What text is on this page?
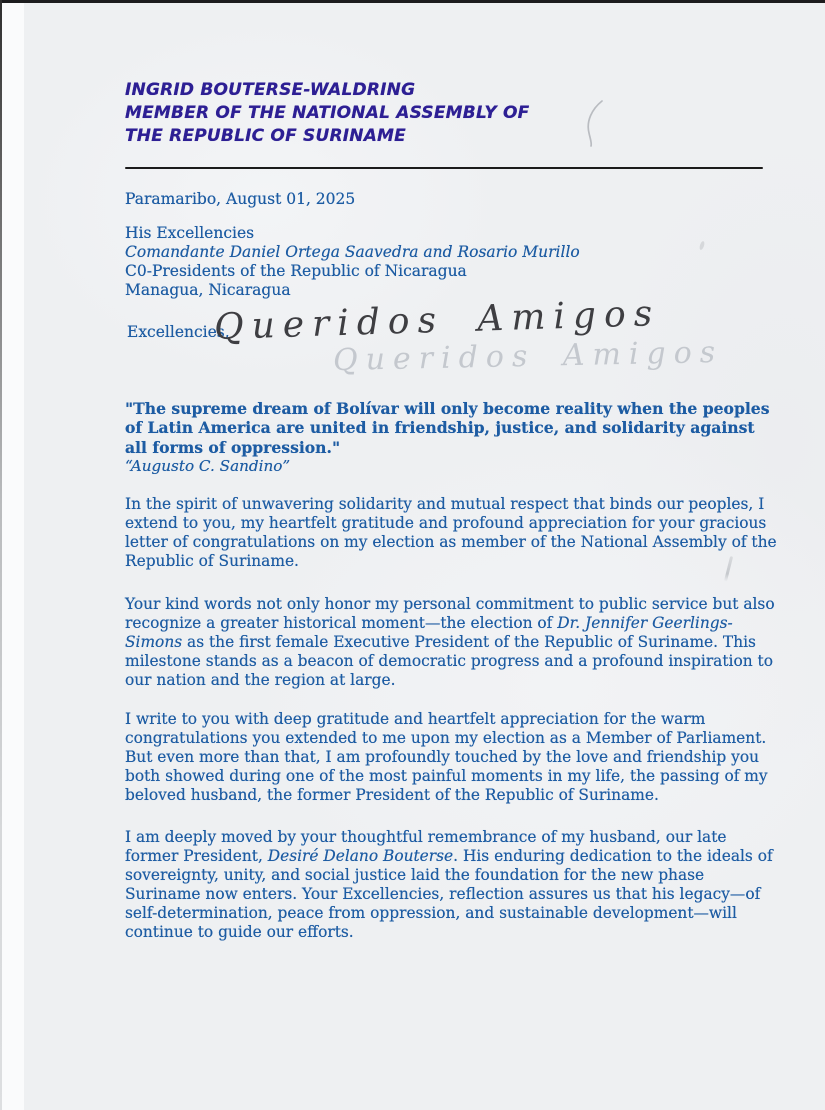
INGRID BOUTERSE-WALDRING
MEMBER OF THE NATIONAL ASSEMBLY OF
THE REPUBLIC OF SURINAME
Paramaribo, August 01, 2025
His Excellencies
Comandante Daniel Ortega Saavedra and Rosario Murillo
C0-Presidents of the Republic of Nicaragua
Managua, Nicaragua
Excellencies,
Queridos Amigos
Queridos Amigos
"The supreme dream of Bolívar will only become reality when the peoples of Latin America are united in friendship, justice, and solidarity against all forms of oppression."
“Augusto C. Sandino”
In the spirit of unwavering solidarity and mutual respect that binds our peoples, I extend to you, my heartfelt gratitude and profound appreciation for your gracious letter of congratulations on my election as member of the National Assembly of the Republic of Suriname.
Your kind words not only honor my personal commitment to public service but also recognize a greater historical moment—the election of Dr. Jennifer Geerlings-Simons as the first female Executive President of the Republic of Suriname. This milestone stands as a beacon of democratic progress and a profound inspiration to our nation and the region at large.
I write to you with deep gratitude and heartfelt appreciation for the warm congratulations you extended to me upon my election as a Member of Parliament. But even more than that, I am profoundly touched by the love and friendship you both showed during one of the most painful moments in my life, the passing of my beloved husband, the former President of the Republic of Suriname.
I am deeply moved by your thoughtful remembrance of my husband, our late former President, Desiré Delano Bouterse. His enduring dedication to the ideals of sovereignty, unity, and social justice laid the foundation for the new phase Suriname now enters. Your Excellencies, reflection assures us that his legacy—of self-determination, peace from oppression, and sustainable development—will continue to guide our efforts.
